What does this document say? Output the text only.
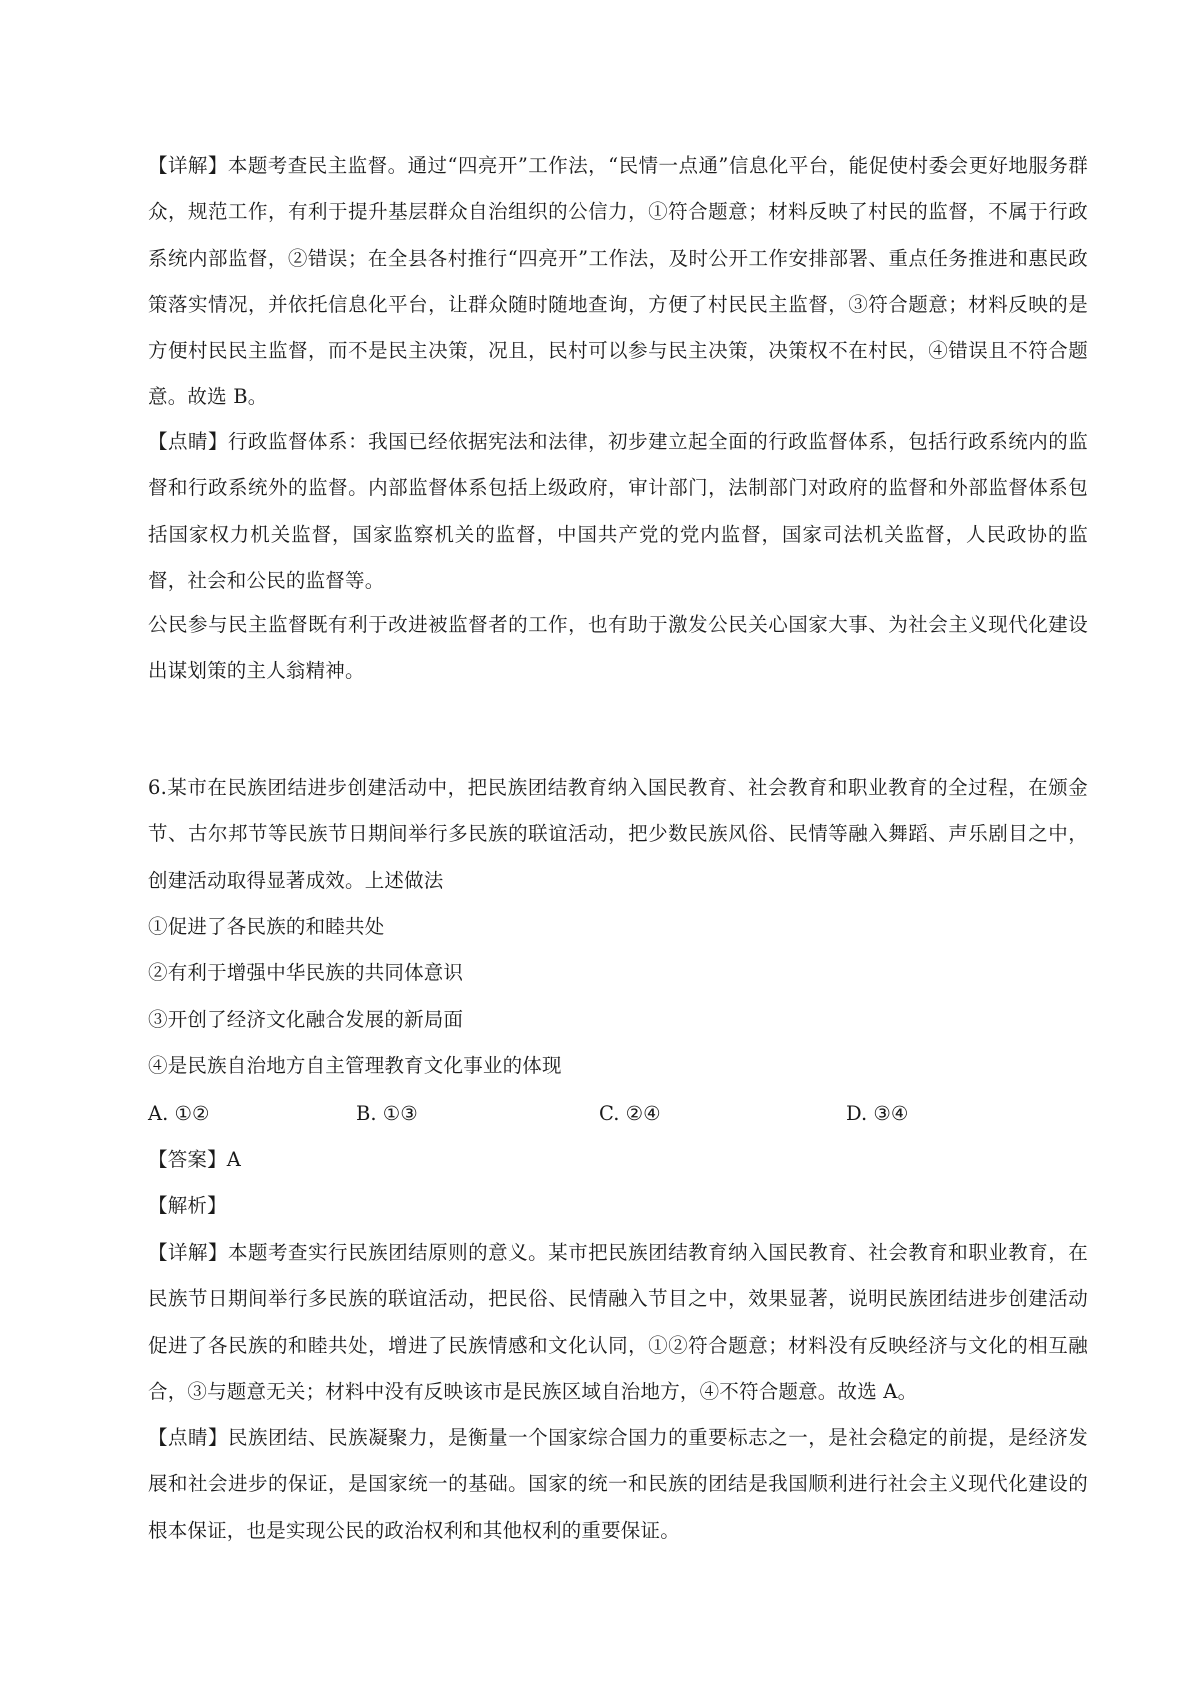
【详解】本题考查民主监督。通过“四亮开”工作法，“民情一点通”信息化平台，能促使村委会更好地服务群众，规范工作，有利于提升基层群众自治组织的公信力，①符合题意；材料反映了村民的监督，不属于行政系统内部监督，②错误；在全县各村推行“四亮开”工作法，及时公开工作安排部署、重点任务推进和惠民政策落实情况，并依托信息化平台，让群众随时随地查询，方便了村民民主监督，③符合题意；材料反映的是方便村民民主监督，而不是民主决策，况且，民村可以参与民主决策，决策权不在村民，④错误且不符合题意。故选 B。

【点睛】行政监督体系：我国已经依据宪法和法律，初步建立起全面的行政监督体系，包括行政系统内的监督和行政系统外的监督。内部监督体系包括上级政府，审计部门，法制部门对政府的监督和外部监督体系包括国家权力机关监督，国家监察机关的监督，中国共产党的党内监督，国家司法机关监督，人民政协的监督，社会和公民的监督等。

公民参与民主监督既有利于改进被监督者的工作，也有助于激发公民关心国家大事、为社会主义现代化建设出谋划策的主人翁精神。

6.某市在民族团结进步创建活动中，把民族团结教育纳入国民教育、社会教育和职业教育的全过程，在颁金节、古尔邦节等民族节日期间举行多民族的联谊活动，把少数民族风俗、民情等融入舞蹈、声乐剧目之中，创建活动取得显著成效。上述做法

①促进了各民族的和睦共处

②有利于增强中华民族的共同体意识

③开创了经济文化融合发展的新局面

④是民族自治地方自主管理教育文化事业的体现

A. ①②	B. ①③	C. ②④	D. ③④

【答案】A

【解析】

【详解】本题考查实行民族团结原则的意义。某市把民族团结教育纳入国民教育、社会教育和职业教育，在民族节日期间举行多民族的联谊活动，把民俗、民情融入节目之中，效果显著，说明民族团结进步创建活动促进了各民族的和睦共处，增进了民族情感和文化认同，①②符合题意；材料没有反映经济与文化的相互融合，③与题意无关；材料中没有反映该市是民族区域自治地方，④不符合题意。故选 A。

【点睛】民族团结、民族凝聚力，是衡量一个国家综合国力的重要标志之一，是社会稳定的前提，是经济发展和社会进步的保证，是国家统一的基础。国家的统一和民族的团结是我国顺利进行社会主义现代化建设的根本保证，也是实现公民的政治权利和其他权利的重要保证。
